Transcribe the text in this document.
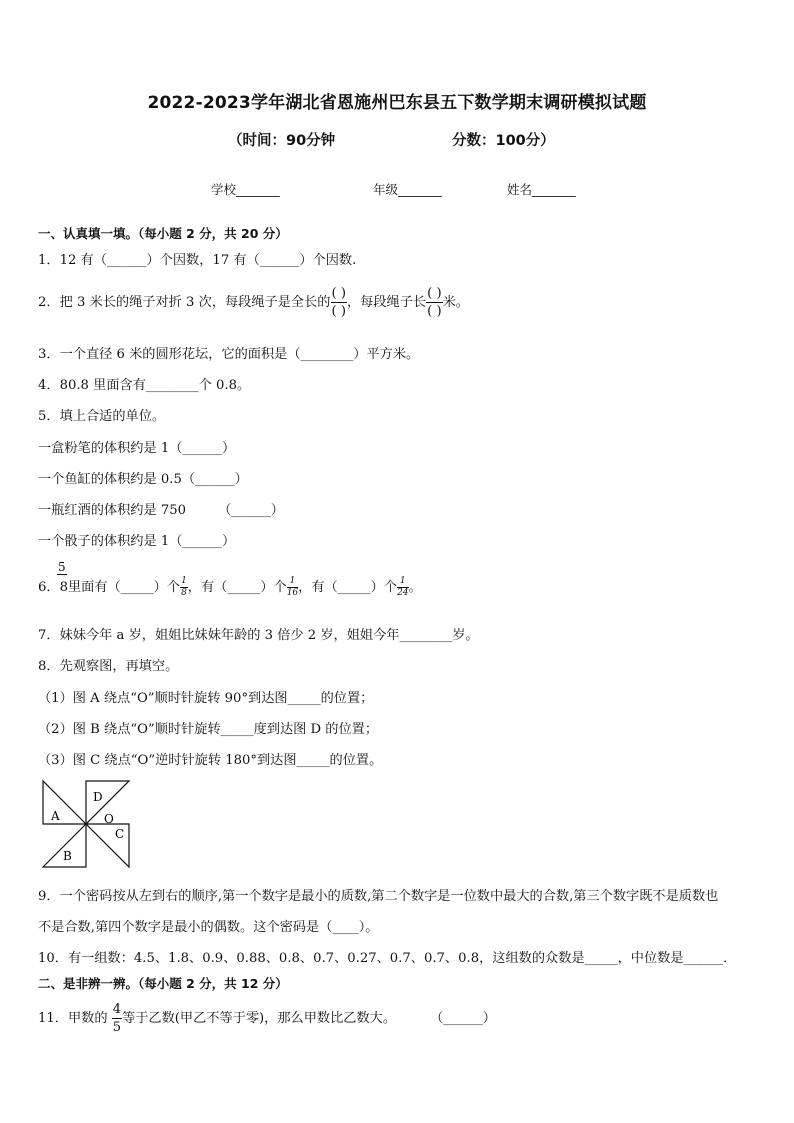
2022-2023学年湖北省恩施州巴东县五下数学期末调研模拟试题
（时间：90分钟	分数：100分）
学校_______	年级_______	姓名_______
一、认真填一填。（每小题 2 分，共 20 分）
1．12 有（______）个因数，17 有（______）个因数.
2．把 3 米长的绳子对折 3 次，每段绳子是全长的 $\frac{( )}{( )}$ ，每段绳子长 $\frac{( )}{( )}$ 米。
3．一个直径 6 米的圆形花坛，它的面积是（________）平方米。
4．80.8 里面含有________个 0.8。
5．填上合适的单位。
一盒粉笔的体积约是 1（______）
一个鱼缸的体积约是 0.5（______）
一瓶红酒的体积约是 750 （______）
一个骰子的体积约是 1（______）
5
6．8里面有（_____）个 $\frac{1}{8}$ ，有（_____）个 $\frac{1}{16}$ ，有（_____）个 $\frac{1}{24}$ 。
7．妹妹今年 a 岁，姐姐比妹妹年龄的 3 倍少 2 岁，姐姐今年________岁。
8．先观察图，再填空。
（1）图 A 绕点“O”顺时针旋转 90°到达图_____的位置；
（2）图 B 绕点“O”顺时针旋转_____度到达图 D 的位置；
（3）图 C 绕点“O”逆时针旋转 180°到达图_____的位置。
A
B
C
D
O
9．一个密码按从左到右的顺序,第一个数字是最小的质数,第二个数字是一位数中最大的合数,第三个数字既不是质数也
不是合数,第四个数字是最小的偶数。这个密码是（____）。
10．有一组数：4.5、1.8、0.9、0.88、0.8、0.7、0.27、0.7、0.7、0.8，这组数的众数是_____，中位数是______．
二、是非辨一辨。（每小题 2 分，共 12 分）
11．甲数的 $\frac{4}{5}$ 等于乙数(甲乙不等于零)，那么甲数比乙数大。	（______）
